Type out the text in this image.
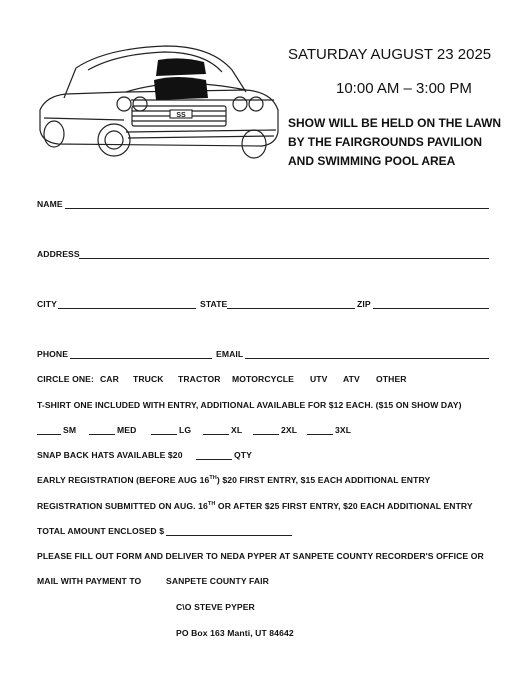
SS
SATURDAY AUGUST 23 2025
10:00 AM – 3:00 PM
SHOW WILL BE HELD ON THE LAWN
BY THE FAIRGROUNDS PAVILION
AND SWIMMING POOL AREA
NAME
ADDRESS
CITY	STATE	ZIP
PHONE	EMAIL
CIRCLE ONE: CAR TRUCK TRACTOR MOTORCYCLE UTV ATV OTHER
T-SHIRT ONE INCLUDED WITH ENTRY, ADDITIONAL AVAILABLE FOR $12 EACH. ($15 ON SHOW DAY)
SM	MED	LG	XL	2XL	3XL
SNAP BACK HATS AVAILABLE $20	QTY
EARLY REGISTRATION (BEFORE AUG 16TH) $20 FIRST ENTRY, $15 EACH ADDITIONAL ENTRY
REGISTRATION SUBMITTED ON AUG. 16TH OR AFTER $25 FIRST ENTRY, $20 EACH ADDITIONAL ENTRY
TOTAL AMOUNT ENCLOSED $
PLEASE FILL OUT FORM AND DELIVER TO NEDA PYPER AT SANPETE COUNTY RECORDER'S OFFICE OR
MAIL WITH PAYMENT TO	SANPETE COUNTY FAIR
C\O STEVE PYPER
PO Box 163 Manti, UT 84642
